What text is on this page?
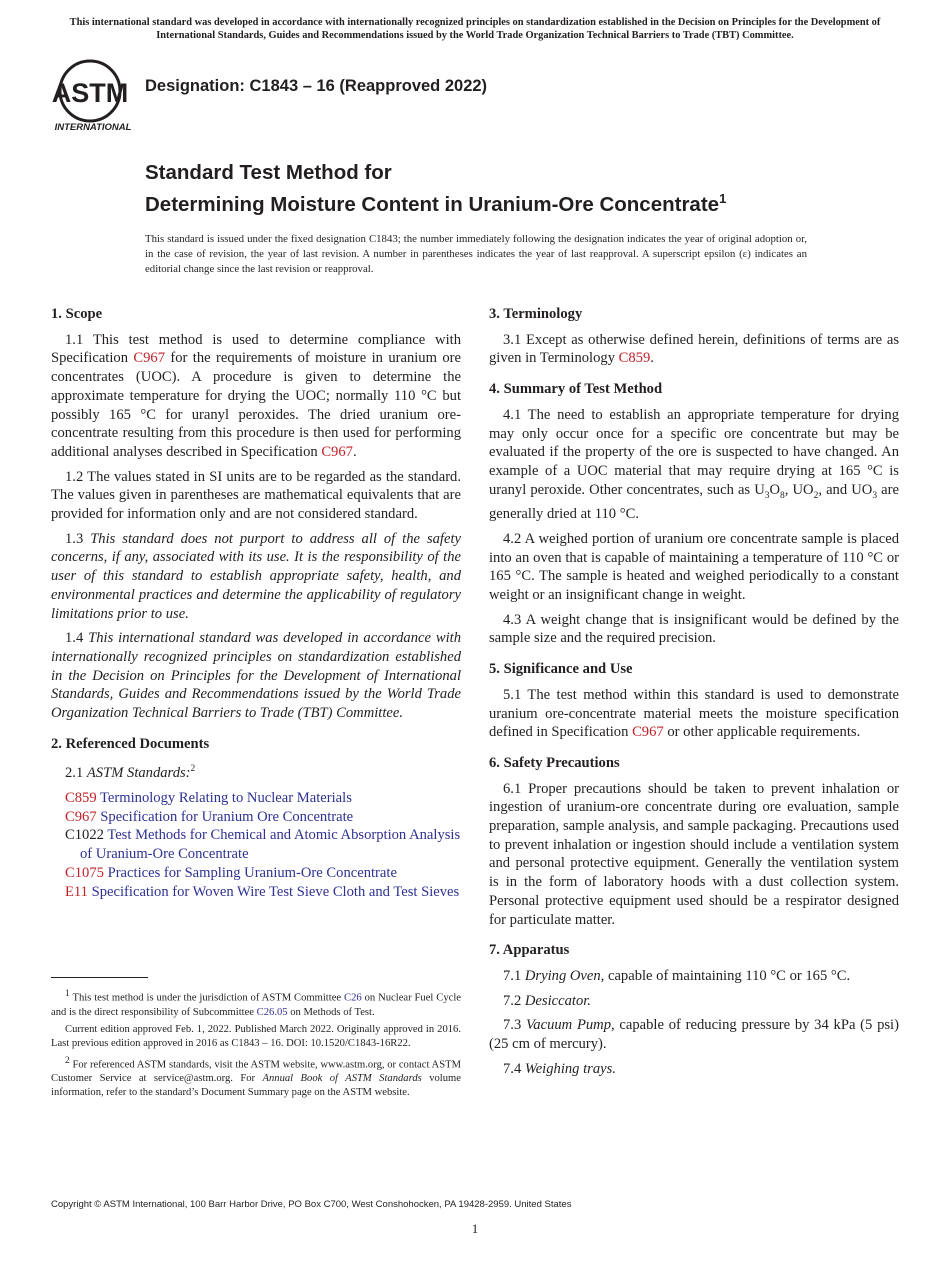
This international standard was developed in accordance with internationally recognized principles on standardization established in the Decision on Principles for the Development of International Standards, Guides and Recommendations issued by the World Trade Organization Technical Barriers to Trade (TBT) Committee.
ASTM
INTERNATIONAL
Designation: C1843 – 16 (Reapproved 2022)
Standard Test Method for
Determining Moisture Content in Uranium-Ore Concentrate$^1$
This standard is issued under the fixed designation C1843; the number immediately following the designation indicates the year of original adoption or, in the case of revision, the year of last revision. A number in parentheses indicates the year of last reapproval. A superscript epsilon (ε) indicates an editorial change since the last revision or reapproval.
1. Scope

1.1 This test method is used to determine compliance with Specification C967 for the requirements of moisture in uranium ore concentrates (UOC). A procedure is given to determine the approximate temperature for drying the UOC; normally 110 °C but possibly 165 °C for uranyl peroxides. The dried uranium ore-concentrate resulting from this procedure is then used for performing additional analyses described in Specification C967.

1.2 The values stated in SI units are to be regarded as the standard. The values given in parentheses are mathematical equivalents that are provided for information only and are not considered standard.

1.3 This standard does not purport to address all of the safety concerns, if any, associated with its use. It is the responsibility of the user of this standard to establish appropriate safety, health, and environmental practices and determine the applicability of regulatory limitations prior to use.

1.4 This international standard was developed in accordance with internationally recognized principles on standardization established in the Decision on Principles for the Development of International Standards, Guides and Recommendations issued by the World Trade Organization Technical Barriers to Trade (TBT) Committee.

2. Referenced Documents

2.1 ASTM Standards:$^2$

C859 Terminology Relating to Nuclear Materials
C967 Specification for Uranium Ore Concentrate
C1022 Test Methods for Chemical and Atomic Absorption Analysis of Uranium-Ore Concentrate
C1075 Practices for Sampling Uranium-Ore Concentrate
E11 Specification for Woven Wire Test Sieve Cloth and Test Sieves

$^1$ This test method is under the jurisdiction of ASTM Committee C26 on Nuclear Fuel Cycle and is the direct responsibility of Subcommittee C26.05 on Methods of Test.

Current edition approved Feb. 1, 2022. Published March 2022. Originally approved in 2016. Last previous edition approved in 2016 as C1843 – 16. DOI: 10.1520/C1843-16R22.

$^2$ For referenced ASTM standards, visit the ASTM website, www.astm.org, or contact ASTM Customer Service at service@astm.org. For Annual Book of ASTM Standards volume information, refer to the standard’s Document Summary page on the ASTM website.

3. Terminology

3.1 Except as otherwise defined herein, definitions of terms are as given in Terminology C859.

4. Summary of Test Method

4.1 The need to establish an appropriate temperature for drying may only occur once for a specific ore concentrate but may be evaluated if the property of the ore is suspected to have changed. An example of a UOC material that may require drying at 165 °C is uranyl peroxide. Other concentrates, such as $U_3O_8$, $UO_2$, and $UO_3$ are generally dried at 110 °C.

4.2 A weighed portion of uranium ore concentrate sample is placed into an oven that is capable of maintaining a temperature of 110 °C or 165 °C. The sample is heated and weighed periodically to a constant weight or an insignificant change in weight.

4.3 A weight change that is insignificant would be defined by the sample size and the required precision.

5. Significance and Use

5.1 The test method within this standard is used to demonstrate uranium ore-concentrate material meets the moisture specification defined in Specification C967 or other applicable requirements.

6. Safety Precautions

6.1 Proper precautions should be taken to prevent inhalation or ingestion of uranium-ore concentrate during ore evaluation, sample preparation, sample analysis, and sample packaging. Precautions used to prevent inhalation or ingestion should include a ventilation system and personal protective equipment. Generally the ventilation system is in the form of laboratory hoods with a dust collection system. Personal protective equipment used should be a respirator designed for particulate matter.

7. Apparatus

7.1 Drying Oven, capable of maintaining 110 °C or 165 °C.

7.2 Desiccator.

7.3 Vacuum Pump, capable of reducing pressure by 34 kPa (5 psi) (25 cm of mercury).

7.4 Weighing trays.

Copyright © ASTM International, 100 Barr Harbor Drive, PO Box C700, West Conshohocken, PA 19428-2959. United States
1
